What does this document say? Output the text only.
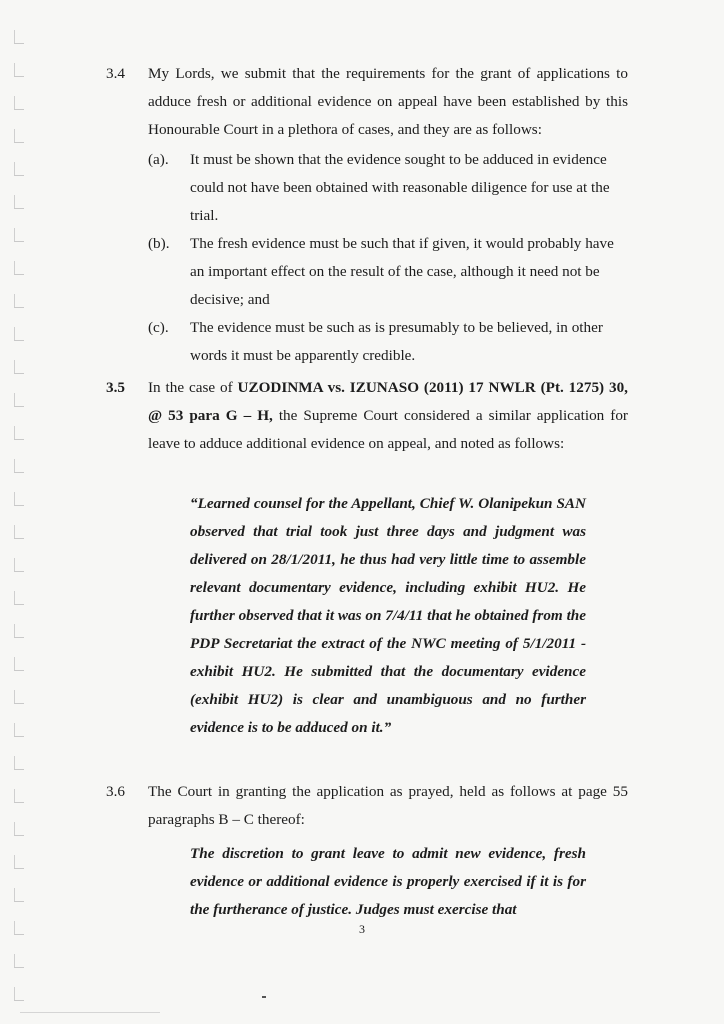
3.4 My Lords, we submit that the requirements for the grant of applications to adduce fresh or additional evidence on appeal have been established by this Honourable Court in a plethora of cases, and they are as follows:
(a). It must be shown that the evidence sought to be adduced in evidence could not have been obtained with reasonable diligence for use at the trial.
(b). The fresh evidence must be such that if given, it would probably have an important effect on the result of the case, although it need not be decisive; and
(c). The evidence must be such as is presumably to be believed, in other words it must be apparently credible.
3.5 In the case of UZODINMA vs. IZUNASO (2011) 17 NWLR (Pt. 1275) 30, @ 53 para G – H, the Supreme Court considered a similar application for leave to adduce additional evidence on appeal, and noted as follows:
“Learned counsel for the Appellant, Chief W. Olanipekun SAN observed that trial took just three days and judgment was delivered on 28/1/2011, he thus had very little time to assemble relevant documentary evidence, including exhibit HU2. He further observed that it was on 7/4/11 that he obtained from the PDP Secretariat the extract of the NWC meeting of 5/1/2011 - exhibit HU2. He submitted that the documentary evidence (exhibit HU2) is clear and unambiguous and no further evidence is to be adduced on it.”
3.6 The Court in granting the application as prayed, held as follows at page 55 paragraphs B – C thereof:
The discretion to grant leave to admit new evidence, fresh evidence or additional evidence is properly exercised if it is for the furtherance of justice. Judges must exercise that
3
